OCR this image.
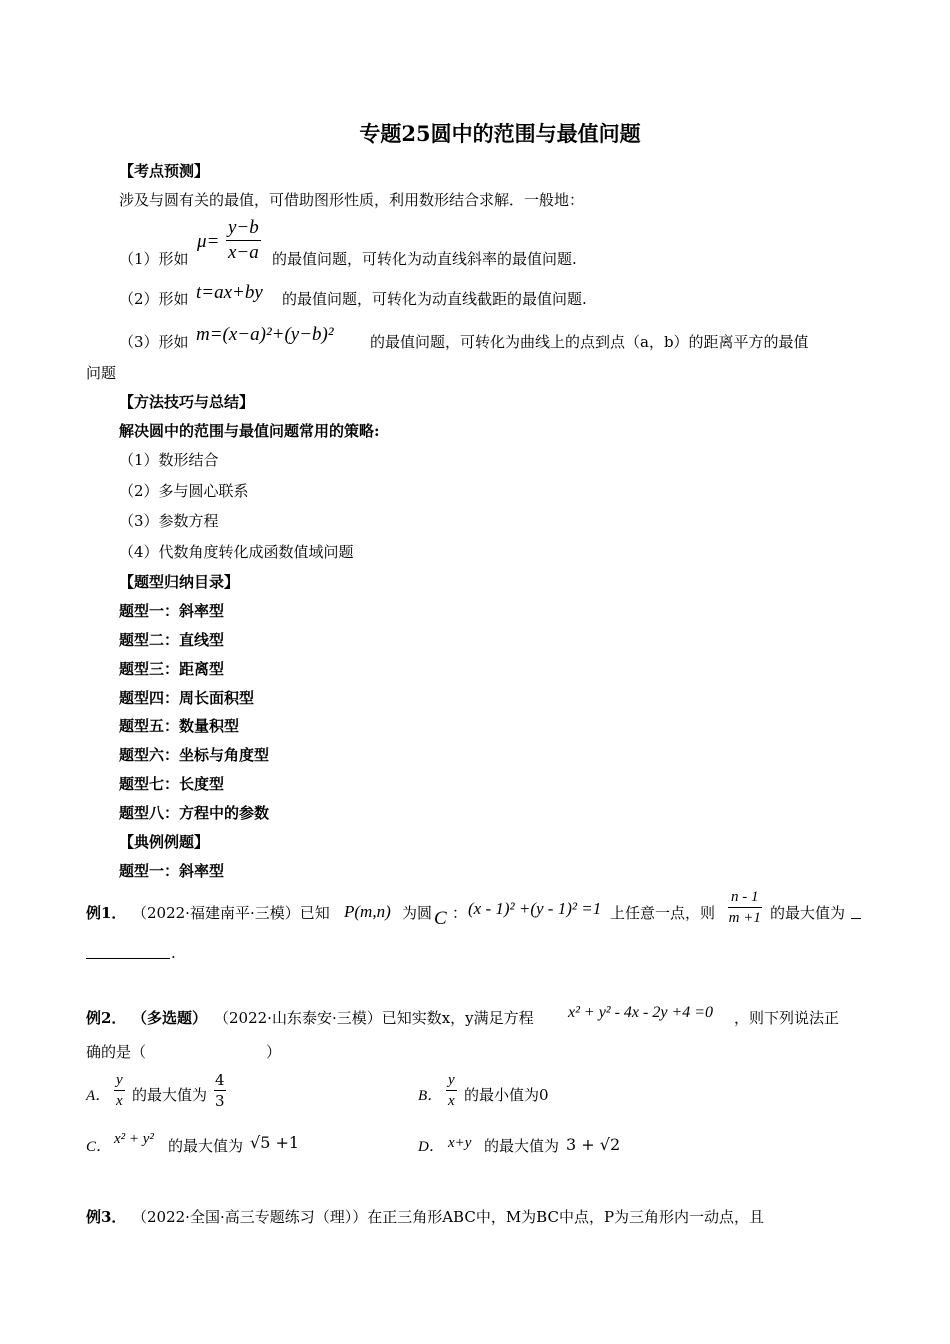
专题25圆中的范围与最值问题
【考点预测】
涉及与圆有关的最值，可借助图形性质，利用数形结合求解．一般地：
（1）形如
$\mu= \frac{y-b}{x-a}$ 的最值问题，可转化为动直线斜率的最值问题.
（2）形如 t=ax+by 的最值问题，可转化为动直线截距的最值问题.
（3）形如 m=(x−a)²+(y−b)² 的最值问题，可转化为曲线上的点到点（a，b）的距离平方的最值
问题
【方法技巧与总结】
解决圆中的范围与最值问题常用的策略:
（1）数形结合
（2）多与圆心联系
（3）参数方程
（4）代数角度转化成函数值域问题
【题型归纳目录】
题型一：斜率型
题型二：直线型
题型三：距离型
题型四：周长面积型
题型五：数量积型
题型六：坐标与角度型
题型七：长度型
题型八：方程中的参数
【典例例题】
题型一：斜率型
例1． （2022·福建南平·三模）已知 P(m,n) 为圆 C ： (x - 1)² +(y - 1)² =1 上任意一点，则 $\frac{n - 1}{m +1}$ 的最大值为
.
例2． （多选题） （2022·山东泰安·三模）已知实数x，y满足方程 x² + y² - 4x - 2y +4 =0 ，则下列说法正
确的是（　　　　　　　　）
A． $\frac{y}{x}$ 的最大值为 $\frac{4}{3}$	B． $\frac{y}{x}$ 的最小值为0
C． x² + y² 的最大值为 √5 +1	D． x+y 的最大值为 3 + √2
例3． （2022·全国·高三专题练习（理））在正三角形ABC中，M为BC中点，P为三角形内一动点，且
